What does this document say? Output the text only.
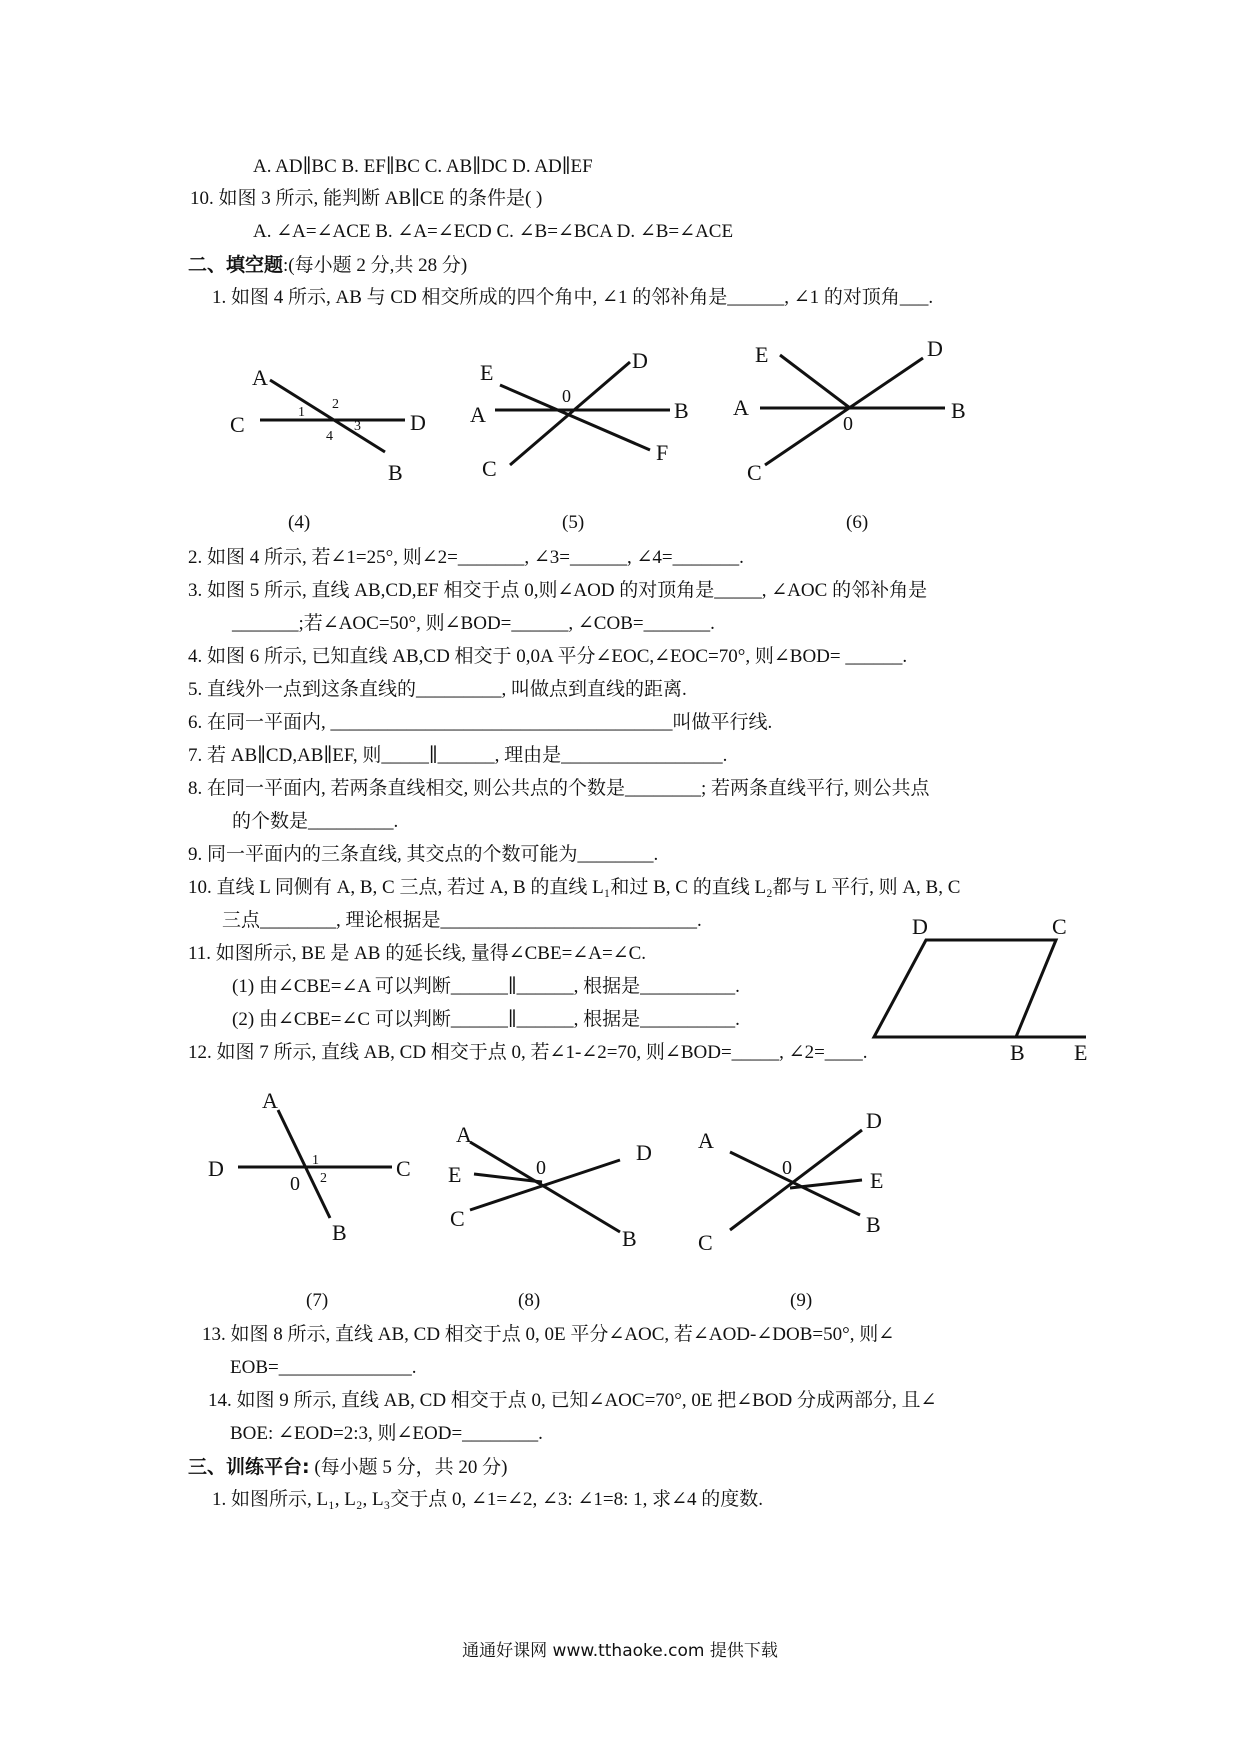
A. AD∥BC B. EF∥BC C. AB∥DC D. AD∥EF
10. 如图 3 所示, 能判断 AB∥CE 的条件是( )
A. ∠A=∠ACE B. ∠A=∠ECD C. ∠B=∠BCA D. ∠B=∠ACE
二、填空题:(每小题 2 分,共 28 分)
1. 如图 4 所示, AB 与 CD 相交所成的四个角中, ∠1 的邻补角是______, ∠1 的对顶角___.
A
C	D
B
1
2
3
4
E	D
A
0
B
C
F
E	D
A
0
B
C
(4)	(5)	(6)
2. 如图 4 所示, 若∠1=25°, 则∠2=_______, ∠3=______, ∠4=_______.
3. 如图 5 所示, 直线 AB,CD,EF 相交于点 0,则∠AOD 的对顶角是_____, ∠AOC 的邻补角是
_______;若∠AOC=50°, 则∠BOD=______, ∠COB=_______.
4. 如图 6 所示, 已知直线 AB,CD 相交于 0,0A 平分∠EOC,∠EOC=70°, 则∠BOD= ______.
5. 直线外一点到这条直线的_________, 叫做点到直线的距离.
6. 在同一平面内, ____________________________________叫做平行线.
7. 若 AB∥CD,AB∥EF, 则_____∥______, 理由是_________________.
8. 在同一平面内, 若两条直线相交, 则公共点的个数是________; 若两条直线平行, 则公共点
的个数是_________.
9. 同一平面内的三条直线, 其交点的个数可能为________.
10. 直线 L 同侧有 A, B, C 三点, 若过 A, B 的直线 L₁和过 B, C 的直线 L₂都与 L 平行, 则 A, B, C
三点________, 理论根据是___________________________.
11. 如图所示, BE 是 AB 的延长线, 量得∠CBE=∠A=∠C.
(1) 由∠CBE=∠A 可以判断______∥______, 根据是__________.
(2) 由∠CBE=∠C 可以判断______∥______, 根据是__________.
12. 如图 7 所示, 直线 AB, CD 相交于点 0, 若∠1-∠2=70, 则∠BOD=_____, ∠2=____.
D	C
B E
A
D	C
0
1
2
B
A
D
E	0
C
B
D
A
0	E
C
B
(7)	(8)	(9)
13. 如图 8 所示, 直线 AB, CD 相交于点 0, 0E 平分∠AOC, 若∠AOD-∠DOB=50°, 则∠
EOB=______________.
14. 如图 9 所示, 直线 AB, CD 相交于点 0, 已知∠AOC=70°, 0E 把∠BOD 分成两部分, 且∠
BOE: ∠EOD=2:3, 则∠EOD=________.
三、训练平台: (每小题 5 分，共 20 分)
1. 如图所示, L₁, L₂, L₃交于点 0, ∠1=∠2, ∠3: ∠1=8: 1, 求∠4 的度数.
通通好课网 www.tthaoke.com 提供下载
